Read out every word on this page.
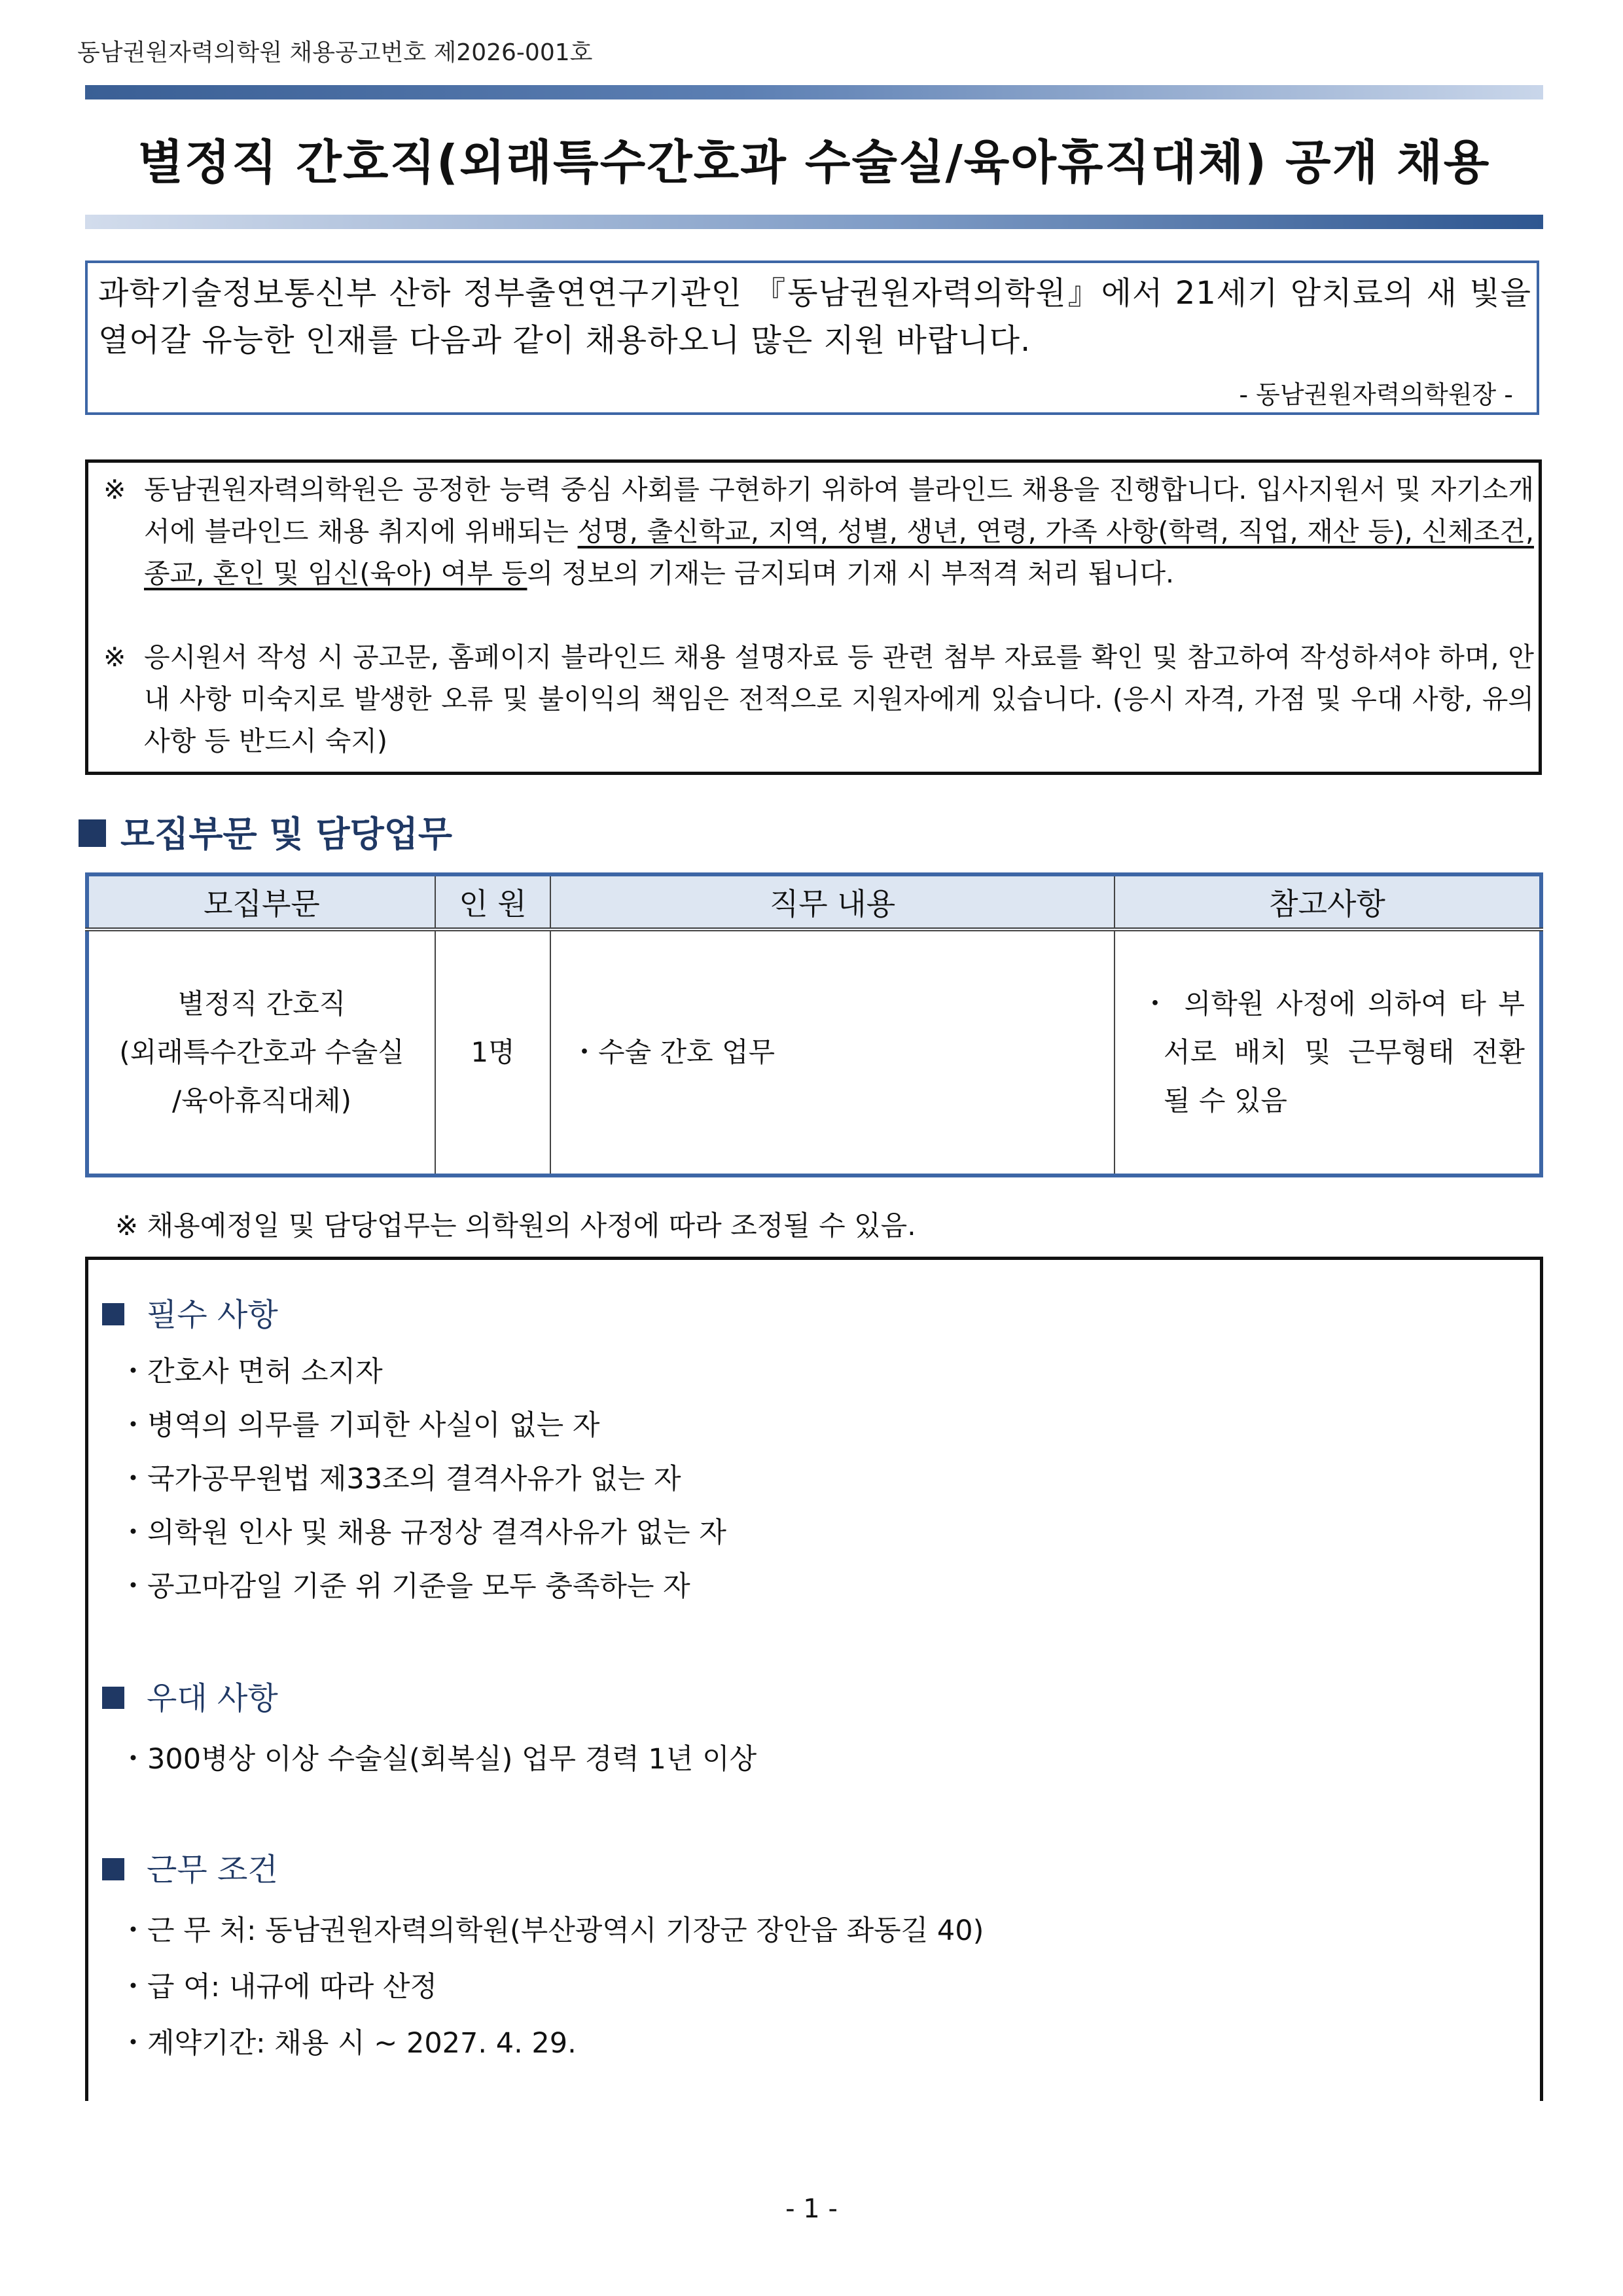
동남권원자력의학원 채용공고번호 제2026-001호
별정직 간호직(외래특수간호과 수술실/육아휴직대체) 공개 채용
과학기술정보통신부 산하 정부출연연구기관인 『동남권원자력의학원』에서 21세기 암치료의 새 빛을 열어갈 유능한 인재를 다음과 같이 채용하오니 많은 지원 바랍니다.
- 동남권원자력의학원장 -
※ 동남권원자력의학원은 공정한 능력 중심 사회를 구현하기 위하여 블라인드 채용을 진행합니다. 입사지원서 및 자기소개서에 블라인드 채용 취지에 위배되는 성명, 출신학교, 지역, 성별, 생년, 연령, 가족 사항(학력, 직업, 재산 등), 신체조건, 종교, 혼인 및 임신(육아) 여부 등의 정보의 기재는 금지되며 기재 시 부적격 처리 됩니다.
※ 응시원서 작성 시 공고문, 홈페이지 블라인드 채용 설명자료 등 관련 첨부 자료를 확인 및 참고하여 작성하셔야 하며, 안내 사항 미숙지로 발생한 오류 및 불이익의 책임은 전적으로 지원자에게 있습니다. (응시 자격, 가점 및 우대 사항, 유의 사항 등 반드시 숙지)
모집부문 및 담당업무
모집부문	인 원	직무 내용	참고사항

별정직 간호직
(외래특수간호과 수술실
/육아휴직대체)	1명	・수술 간호 업무	・ 의학원 사정에 의하여 타 부서로 배치 및 근무형태 전환 될 수 있음
※ 채용예정일 및 담당업무는 의학원의 사정에 따라 조정될 수 있음.
필수 사항
・간호사 면허 소지자
・병역의 의무를 기피한 사실이 없는 자
・국가공무원법 제33조의 결격사유가 없는 자
・의학원 인사 및 채용 규정상 결격사유가 없는 자
・공고마감일 기준 위 기준을 모두 충족하는 자
우대 사항
・300병상 이상 수술실(회복실) 업무 경력 1년 이상
근무 조건
・근 무 처: 동남권원자력의학원(부산광역시 기장군 장안읍 좌동길 40)
・급 여: 내규에 따라 산정
・계약기간: 채용 시 ~ 2027. 4. 29.
- 1 -
